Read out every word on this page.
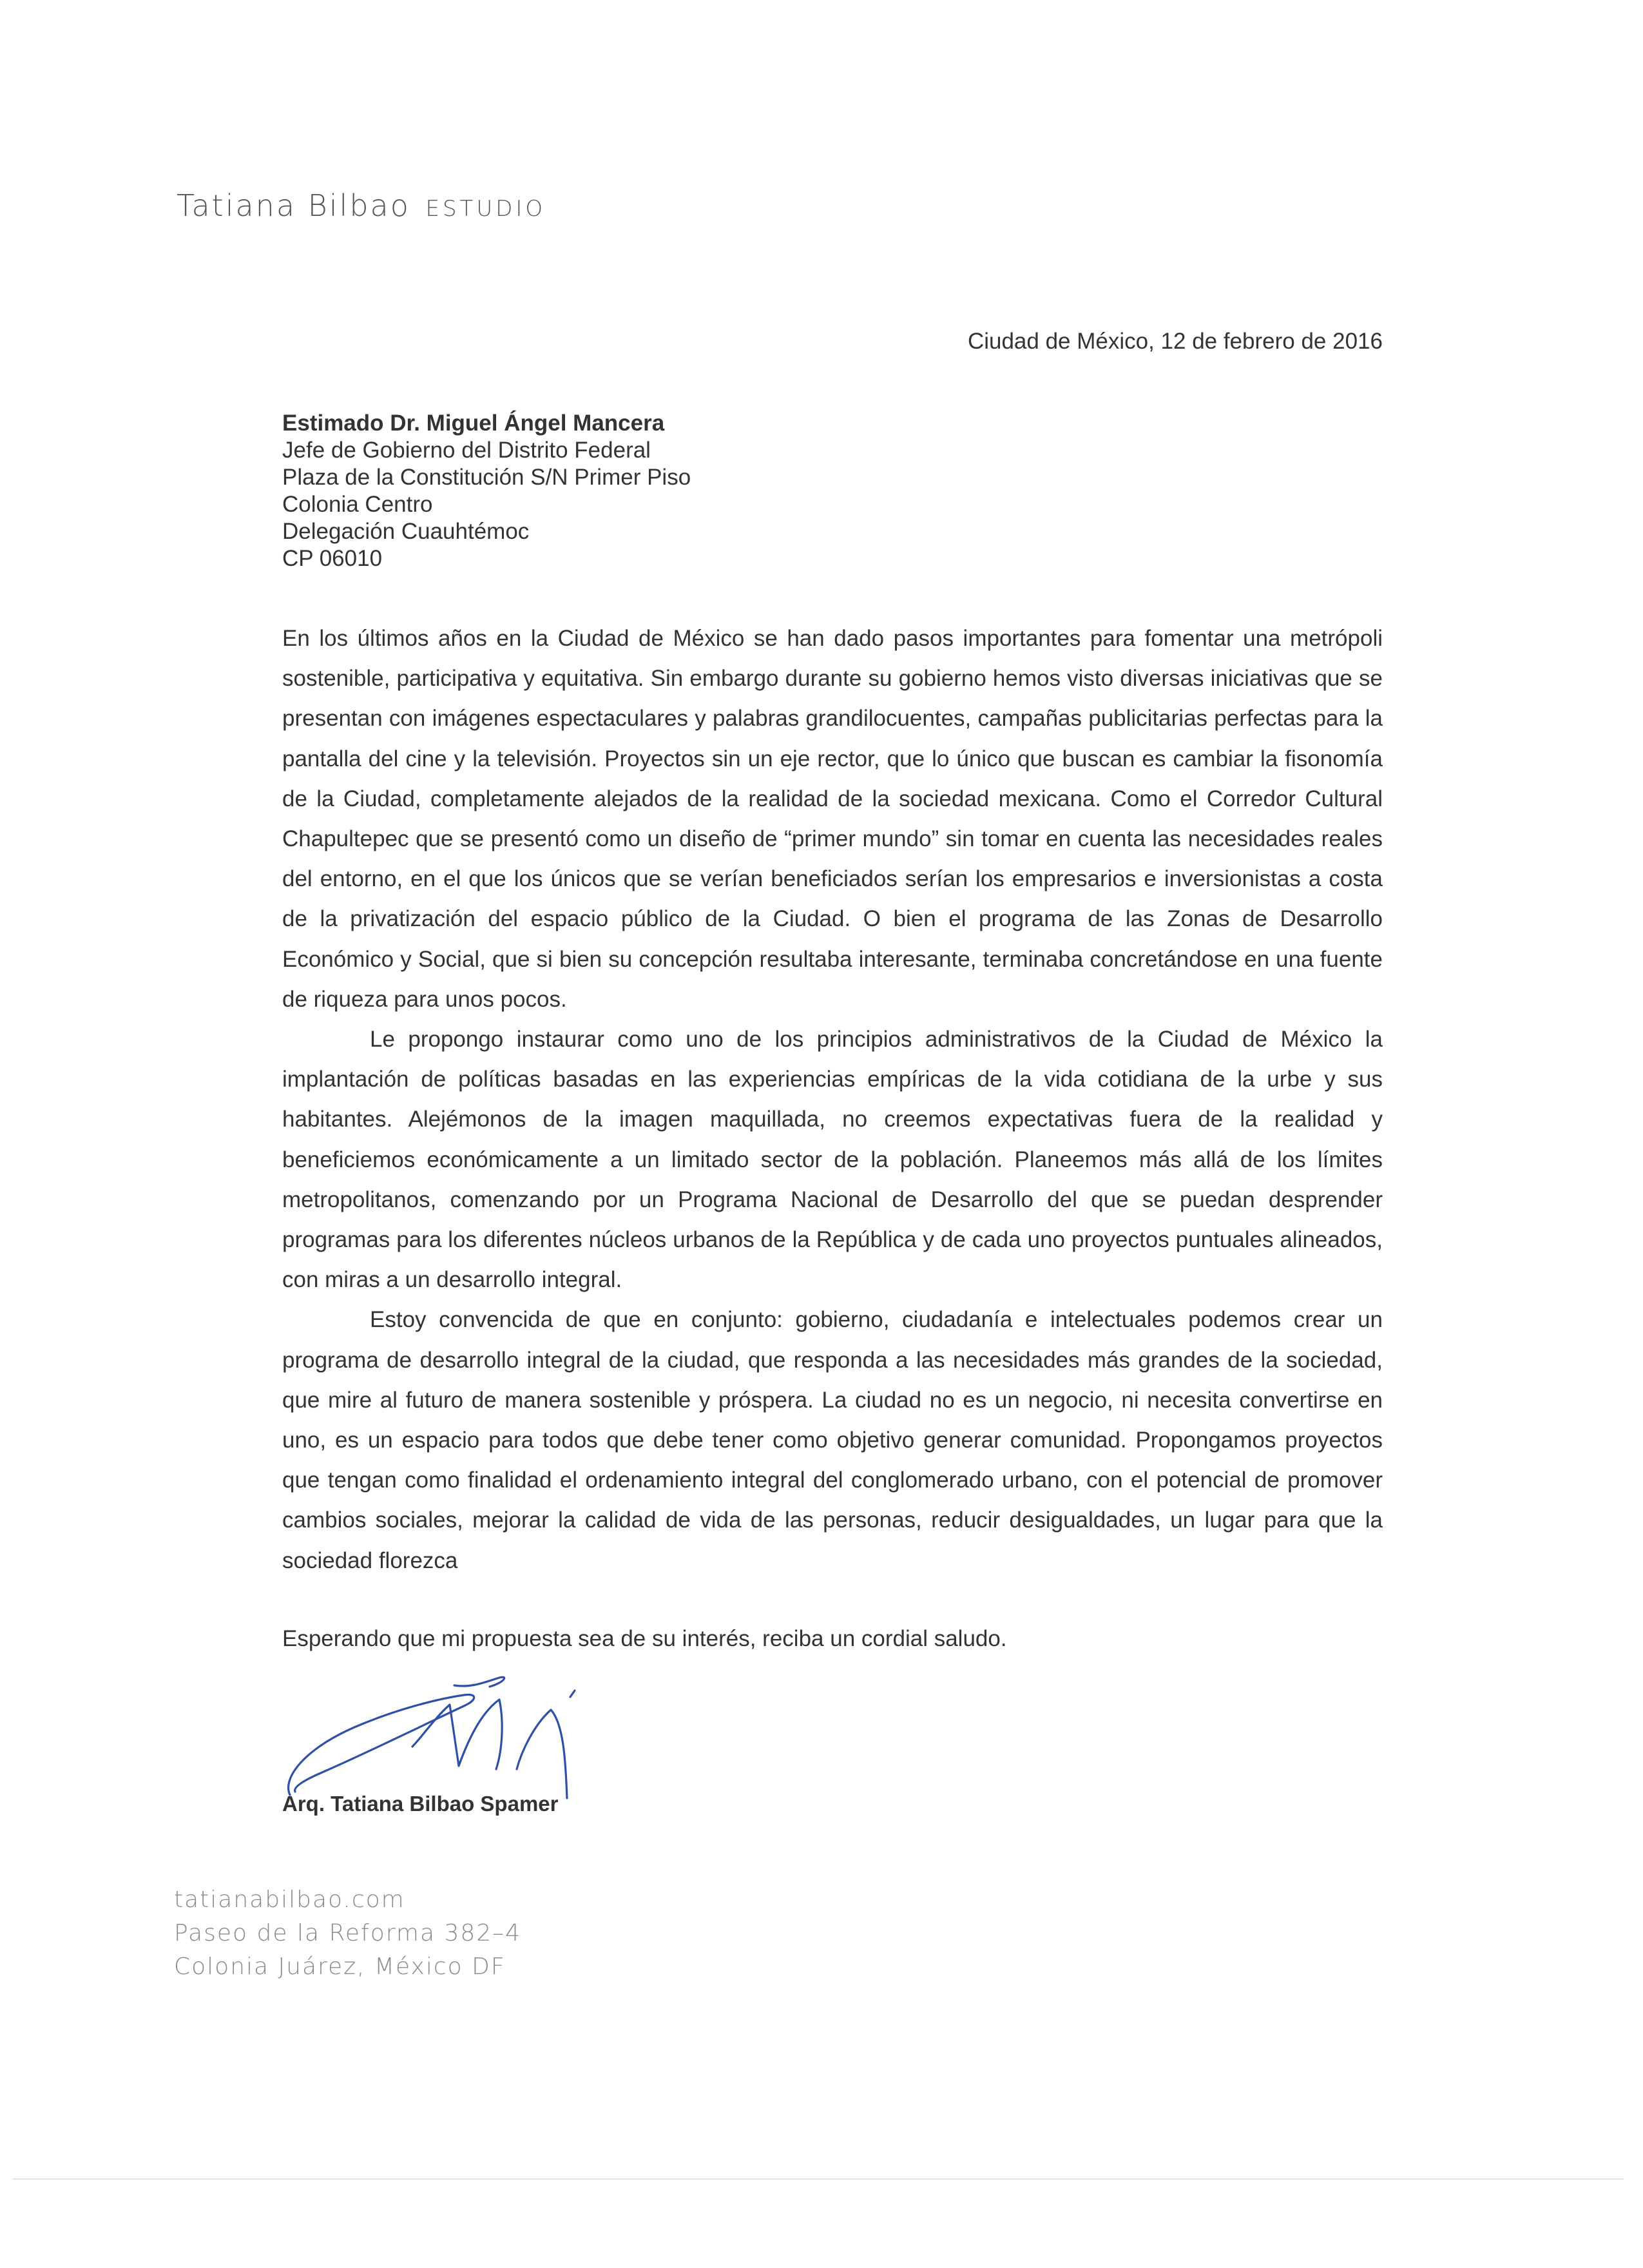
Tatiana Bilbao ESTUDIO
Ciudad de México, 12 de febrero de 2016
Estimado Dr. Miguel Ángel Mancera
Jefe de Gobierno del Distrito Federal
Plaza de la Constitución S/N Primer Piso
Colonia Centro
Delegación Cuauhtémoc
CP 06010

En los últimos años en la Ciudad de México se han dado pasos importantes para fomentar una metrópoli sostenible, participativa y equitativa. Sin embargo durante su gobierno hemos visto diversas iniciativas que se presentan con imágenes espectaculares y palabras grandilocuentes, campañas publicitarias perfectas para la pantalla del cine y la televisión. Proyectos sin un eje rector, que lo único que buscan es cambiar la fisonomía de la Ciudad, completamente alejados de la realidad de la sociedad mexicana. Como el Corredor Cultural Chapultepec que se presentó como un diseño de “primer mundo” sin tomar en cuenta las necesidades reales del entorno, en el que los únicos que se verían beneficiados serían los empresarios e inversionistas a costa de la privatización del espacio público de la Ciudad. O bien el programa de las Zonas de Desarrollo Económico y Social, que si bien su concepción resultaba interesante, terminaba concretándose en una fuente de riqueza para unos pocos.

Le propongo instaurar como uno de los principios administrativos de la Ciudad de México la implantación de políticas basadas en las experiencias empíricas de la vida cotidiana de la urbe y sus habitantes. Alejémonos de la imagen maquillada, no creemos expectativas fuera de la realidad y beneficiemos económicamente a un limitado sector de la población. Planeemos más allá de los límites metropolitanos, comenzando por un Programa Nacional de Desarrollo del que se puedan desprender programas para los diferentes núcleos urbanos de la República y de cada uno proyectos puntuales alineados, con miras a un desarrollo integral.

Estoy convencida de que en conjunto: gobierno, ciudadanía e intelectuales podemos crear un programa de desarrollo integral de la ciudad, que responda a las necesidades más grandes de la sociedad, que mire al futuro de manera sostenible y próspera. La ciudad no es un negocio, ni necesita convertirse en uno, es un espacio para todos que debe tener como objetivo generar comunidad. Propongamos proyectos que tengan como finalidad el ordenamiento integral del conglomerado urbano, con el potencial de promover cambios sociales, mejorar la calidad de vida de las personas, reducir desigualdades, un lugar para que la sociedad florezca

Esperando que mi propuesta sea de su interés, reciba un cordial saludo.
Arq. Tatiana Bilbao Spamer
tatianabilbao.com
Paseo de la Reforma 382–4
Colonia Juárez, México DF
